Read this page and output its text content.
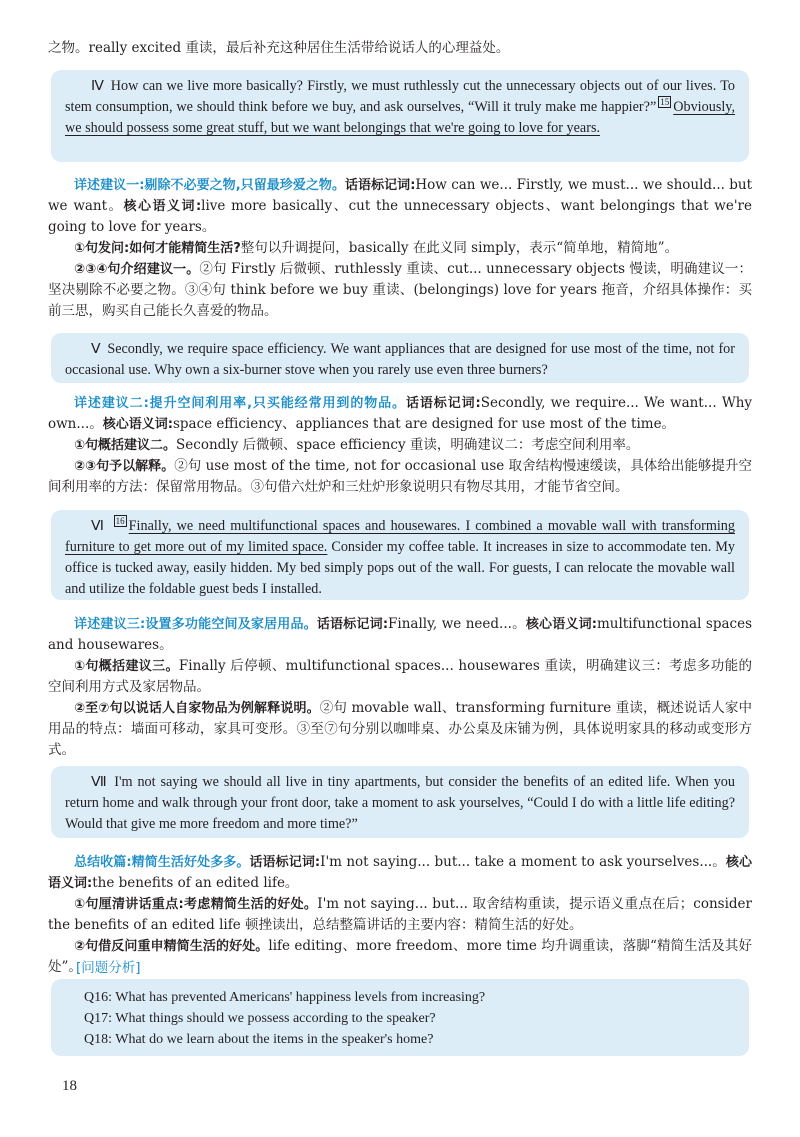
之物。really excited 重读，最后补充这种居住生活带给说话人的心理益处。
Ⅳ How can we live more basically? Firstly, we must ruthlessly cut the unnecessary objects out of our lives. To stem consumption, we should think before we buy, and ask ourselves, “Will it truly make me happier?” $^{15}$ Obviously, we should possess some great stuff, but we want belongings that we're going to love for years.
详述建议一:剔除不必要之物,只留最珍爱之物。话语标记词:How can we... Firstly, we must... we should... but we want。核心语义词:live more basically、cut the unnecessary objects、want belongings that we're going to love for years。
①句发问:如何才能精简生活?整句以升调提问，basically 在此义同 simply，表示“简单地，精简地”。
②③④句介绍建议一。②句 Firstly 后微顿、ruthlessly 重读、cut... unnecessary objects 慢读，明确建议一：坚决剔除不必要之物。③④句 think before we buy 重读、(belongings) love for years 拖音，介绍具体操作：买前三思，购买自己能长久喜爱的物品。
Ⅴ Secondly, we require space efficiency. We want appliances that are designed for use most of the time, not for occasional use. Why own a six-burner stove when you rarely use even three burners?
详述建议二:提升空间利用率,只买能经常用到的物品。话语标记词:Secondly, we require... We want... Why own...。核心语义词:space efficiency、appliances that are designed for use most of the time。
①句概括建议二。Secondly 后微顿、space efficiency 重读，明确建议二：考虑空间利用率。
②③句予以解释。②句 use most of the time, not for occasional use 取舍结构慢速缓读，具体给出能够提升空间利用率的方法：保留常用物品。③句借六灶炉和三灶炉形象说明只有物尽其用，才能节省空间。
Ⅵ $^{16}$ Finally, we need multifunctional spaces and housewares. I combined a movable wall with transforming furniture to get more out of my limited space. Consider my coffee table. It increases in size to accommodate ten. My office is tucked away, easily hidden. My bed simply pops out of the wall. For guests, I can relocate the movable wall and utilize the foldable guest beds I installed.
详述建议三:设置多功能空间及家居用品。话语标记词:Finally, we need...。核心语义词:multifunctional spaces and housewares。
①句概括建议三。Finally 后停顿、multifunctional spaces... housewares 重读，明确建议三：考虑多功能的空间利用方式及家居物品。
②至⑦句以说话人自家物品为例解释说明。②句 movable wall、transforming furniture 重读，概述说话人家中用品的特点：墙面可移动，家具可变形。③至⑦句分别以咖啡桌、办公桌及床铺为例，具体说明家具的移动或变形方式。
Ⅶ I'm not saying we should all live in tiny apartments, but consider the benefits of an edited life. When you return home and walk through your front door, take a moment to ask yourselves, “Could I do with a little life editing? Would that give me more freedom and more time?”
总结收篇:精简生活好处多多。话语标记词:I'm not saying... but... take a moment to ask yourselves...。核心语义词:the benefits of an edited life。
①句厘清讲话重点:考虑精简生活的好处。I'm not saying... but... 取舍结构重读，提示语义重点在后；consider the benefits of an edited life 顿挫读出，总结整篇讲话的主要内容：精简生活的好处。
②句借反问重申精简生活的好处。life editing、more freedom、more time 均升调重读，落脚“精简生活及其好处”。
[问题分析]
Q16: What has prevented Americans' happiness levels from increasing?
Q17: What things should we possess according to the speaker?
Q18: What do we learn about the items in the speaker's home?
18
